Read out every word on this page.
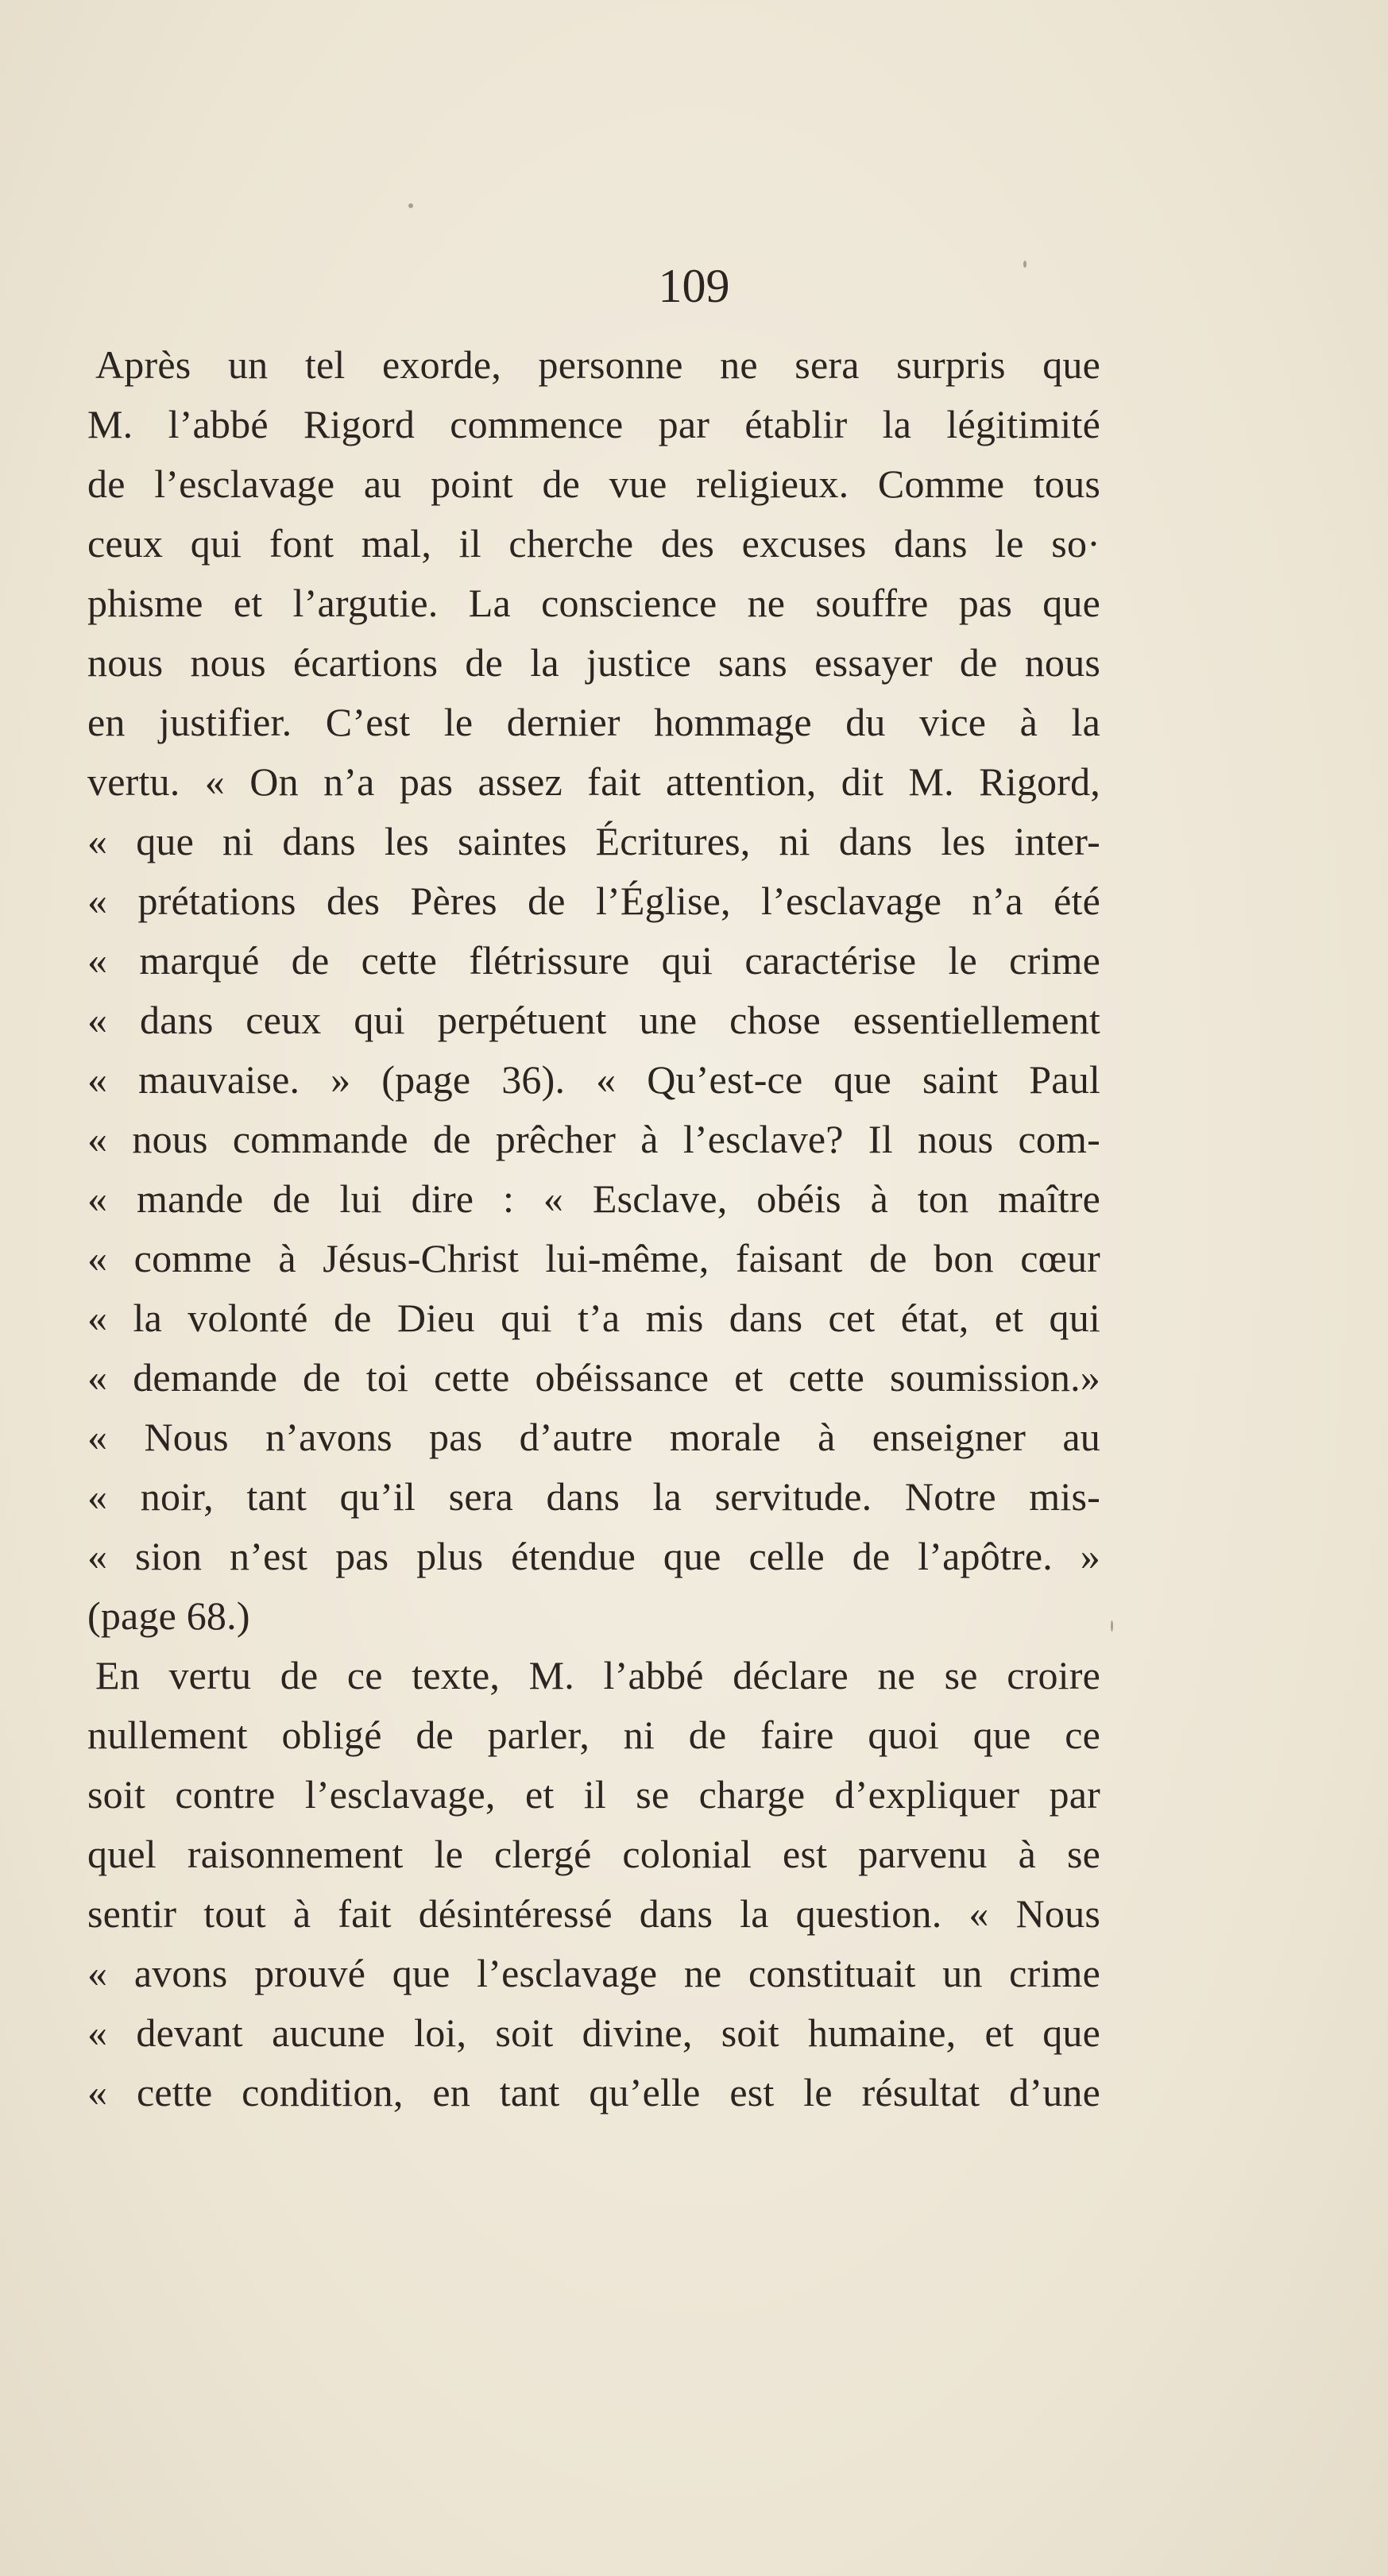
109
Après un tel exorde, personne ne sera surpris que
M. l’abbé Rigord commence par établir la légitimité
de l’esclavage au point de vue religieux. Comme tous
ceux qui font mal, il cherche des excuses dans le so·
phisme et l’argutie. La conscience ne souffre pas que
nous nous écartions de la justice sans essayer de nous
en justifier. C’est le dernier hommage du vice à la
vertu. « On n’a pas assez fait attention, dit M. Rigord,
« que ni dans les saintes Écritures, ni dans les inter-
« prétations des Pères de l’Église, l’esclavage n’a été
« marqué de cette flétrissure qui caractérise le crime
« dans ceux qui perpétuent une chose essentiellement
« mauvaise. » (page 36). « Qu’est-ce que saint Paul
« nous commande de prêcher à l’esclave? Il nous com-
« mande de lui dire : « Esclave, obéis à ton maître
« comme à Jésus-Christ lui-même, faisant de bon cœur
« la volonté de Dieu qui t’a mis dans cet état, et qui
« demande de toi cette obéissance et cette soumission.»
« Nous n’avons pas d’autre morale à enseigner au
« noir, tant qu’il sera dans la servitude. Notre mis-
« sion n’est pas plus étendue que celle de l’apôtre. »
(page 68.)
En vertu de ce texte, M. l’abbé déclare ne se croire
nullement obligé de parler, ni de faire quoi que ce
soit contre l’esclavage, et il se charge d’expliquer par
quel raisonnement le clergé colonial est parvenu à se
sentir tout à fait désintéressé dans la question. « Nous
« avons prouvé que l’esclavage ne constituait un crime
« devant aucune loi, soit divine, soit humaine, et que
« cette condition, en tant qu’elle est le résultat d’une
